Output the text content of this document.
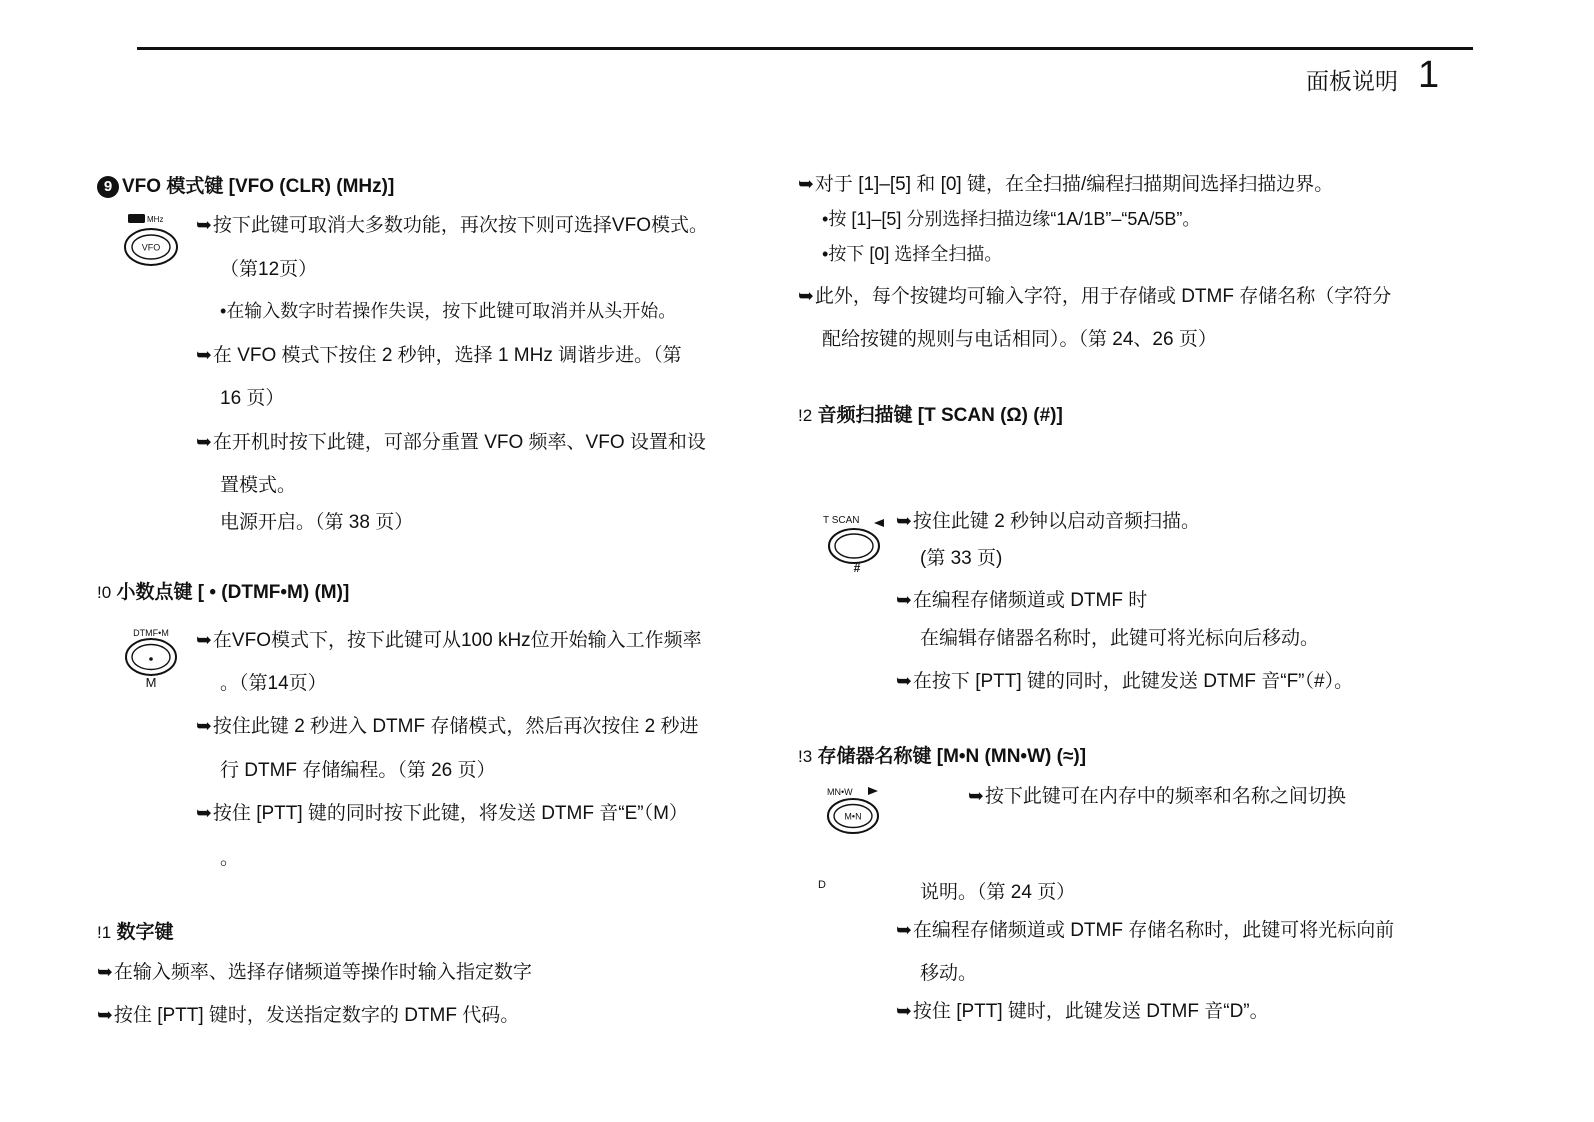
面板说明 1
9 VFO 模式键 [VFO (CLR) (MHz)]
MHz
VFO
➥按下此键可取消大多数功能，再次按下则可选择VFO模式。
（第12页）
•在输入数字时若操作失误，按下此键可取消并从头开始。
➥在 VFO 模式下按住 2 秒钟，选择 1 MHz 调谐步进。（第
16 页）
➥在开机时按下此键，可部分重置 VFO 频率、VFO 设置和设
置模式。
电源开启。（第 38 页）
!0 小数点键 [ • (DTMF•M) (M)]
DTMF•M
M
➥在VFO模式下，按下此键可从100 kHz位开始输入工作频率
。（第14页）
➥按住此键 2 秒进入 DTMF 存储模式，然后再次按住 2 秒进
行 DTMF 存储编程。（第 26 页）
➥按住 [PTT] 键的同时按下此键，将发送 DTMF 音“E”（M）
。
!1 数字键
➥在输入频率、选择存储频道等操作时输入指定数字
➥按住 [PTT] 键时，发送指定数字的 DTMF 代码。
➥对于 [1]–[5] 和 [0] 键，在全扫描/编程扫描期间选择扫描边界。
•按 [1]–[5] 分别选择扫描边缘“1A/1B”–“5A/5B”。
•按下 [0] 选择全扫描。
➥此外，每个按键均可输入字符，用于存储或 DTMF 存储名称（字符分
配给按键的规则与电话相同）。（第 24、26 页）
!2 音频扫描键 [T SCAN (Ω) (#)]
T SCAN
#
➥按住此键 2 秒钟以启动音频扫描。
(第 33 页)
➥在编程存储频道或 DTMF 时
在编辑存储器名称时，此键可将光标向后移动。
➥在按下 [PTT] 键的同时，此键发送 DTMF 音“F”（#）。
!3 存储器名称键 [M•N (MN•W) (≈)]
MN•W
M•N
D
➥按下此键可在内存中的频率和名称之间切换
说明。（第 24 页）
➥在编程存储频道或 DTMF 存储名称时，此键可将光标向前
移动。
➥按住 [PTT] 键时，此键发送 DTMF 音“D”。
